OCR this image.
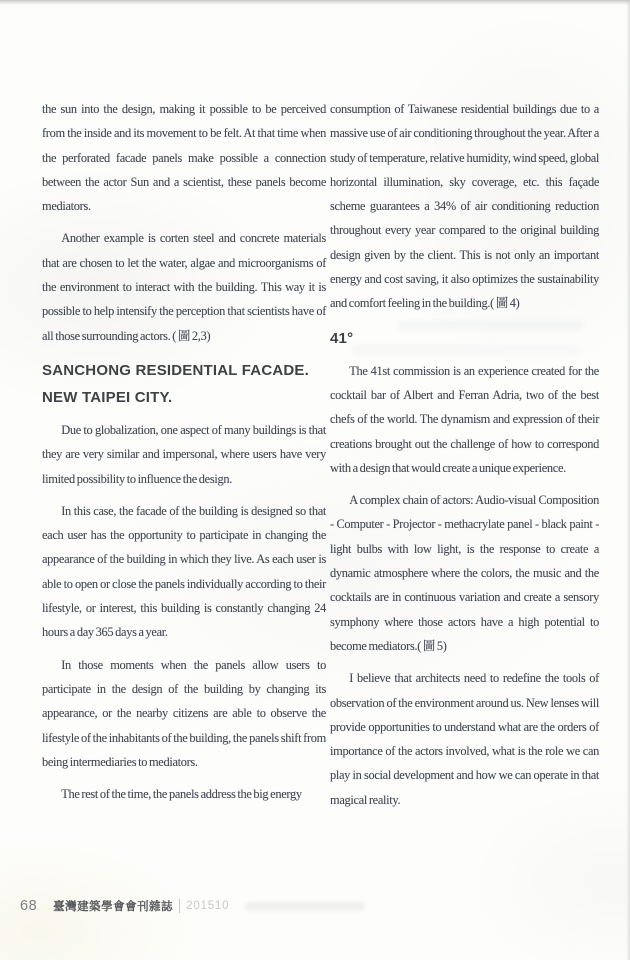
the sun into the design, making it possible to be perceived from the inside and its movement to be felt. At that time when the perforated facade panels make possible a connection between the actor Sun and a scientist, these panels become mediators.

Another example is corten steel and concrete materials that are chosen to let the water, algae and microorganisms of the environment to interact with the building. This way it is possible to help intensify the perception that scientists have of all those surrounding actors. ( 圖 2,3)

SANCHONG RESIDENTIAL FACADE. NEW TAIPEI CITY.

Due to globalization, one aspect of many buildings is that they are very similar and impersonal, where users have very limited possibility to influence the design.

In this case, the facade of the building is designed so that each user has the opportunity to participate in changing the appearance of the building in which they live. As each user is able to open or close the panels individually according to their lifestyle, or interest, this building is constantly changing 24 hours a day 365 days a year.

In those moments when the panels allow users to participate in the design of the building by changing its appearance, or the nearby citizens are able to observe the lifestyle of the inhabitants of the building, the panels shift from being intermediaries to mediators.

The rest of the time, the panels address the big energy

consumption of Taiwanese residential buildings due to a massive use of air conditioning throughout the year. After a study of temperature, relative humidity, wind speed, global horizontal illumination, sky coverage, etc. this façade scheme guarantees a 34% of air conditioning reduction throughout every year compared to the original building design given by the client. This is not only an important energy and cost saving, it also optimizes the sustainability and comfort feeling in the building.( 圖 4)

41°

The 41st commission is an experience created for the cocktail bar of Albert and Ferran Adria, two of the best chefs of the world. The dynamism and expression of their creations brought out the challenge of how to correspond with a design that would create a unique experience.

A complex chain of actors: Audio-visual Composition - Computer - Projector - methacrylate panel - black paint - light bulbs with low light, is the response to create a dynamic atmosphere where the colors, the music and the cocktails are in continuous variation and create a sensory symphony where those actors have a high potential to become mediators.( 圖 5)

I believe that architects need to redefine the tools of observation of the environment around us. New lenses will provide opportunities to understand what are the orders of importance of the actors involved, what is the role we can play in social development and how we can operate in that magical reality.

68 臺灣建築學會會刊雜誌 201510
